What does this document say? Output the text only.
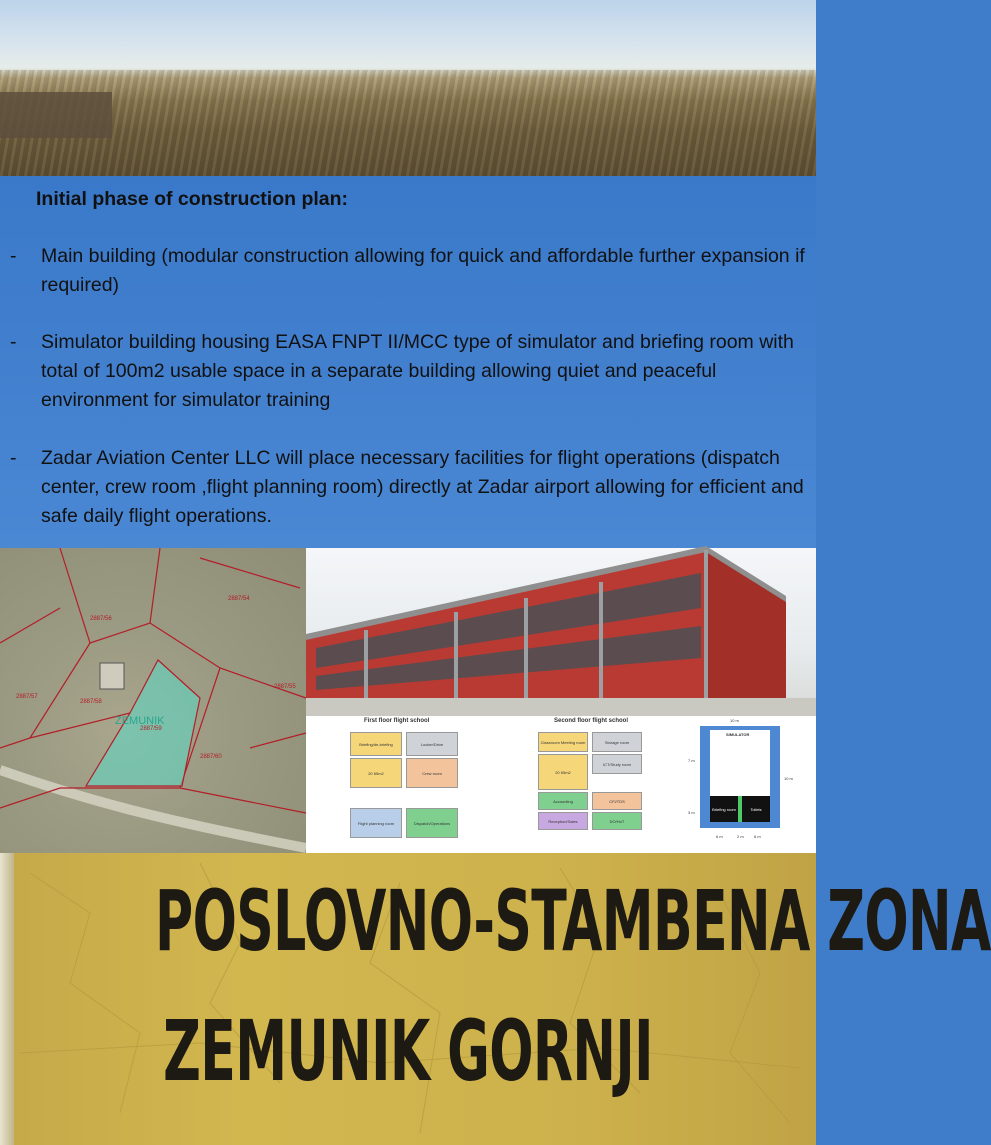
Initial phase of construction plan:
- Main building (modular construction allowing for quick and affordable further expansion if required)
- Simulator building housing EASA FNPT II/MCC type of simulator and briefing room with total of 100m2 usable space in a separate building allowing quiet and peaceful environment for simulator training
- Zadar Aviation Center LLC will place necessary facilities for flight operations (dispatch center, crew room ,flight planning room) directly at Zadar airport allowing for efficient and safe daily flight operations.
2887/54
2887/56
2887/57
2887/58
2887/59
2887/55
2887/60
ZEMUNIK	First floor flight school	Second floor flight school
Briefing/de-briefing	Locker/Drive
20 65m2	Crew room
Flight planning room	Dispatch/Operations
Classroom Meeting room	Storage room
20 65m2
ICT/Study room
Accounting	CFI/TDS
Reception/Sales	DO/HoT
Briefing room	Toilets
SIMULATOR
10 m
7 m
10 m
3 m
6 m	2 m	6 m
POSLOVNO-STAMBENA ZONA
ZEMUNIK GORNJI
